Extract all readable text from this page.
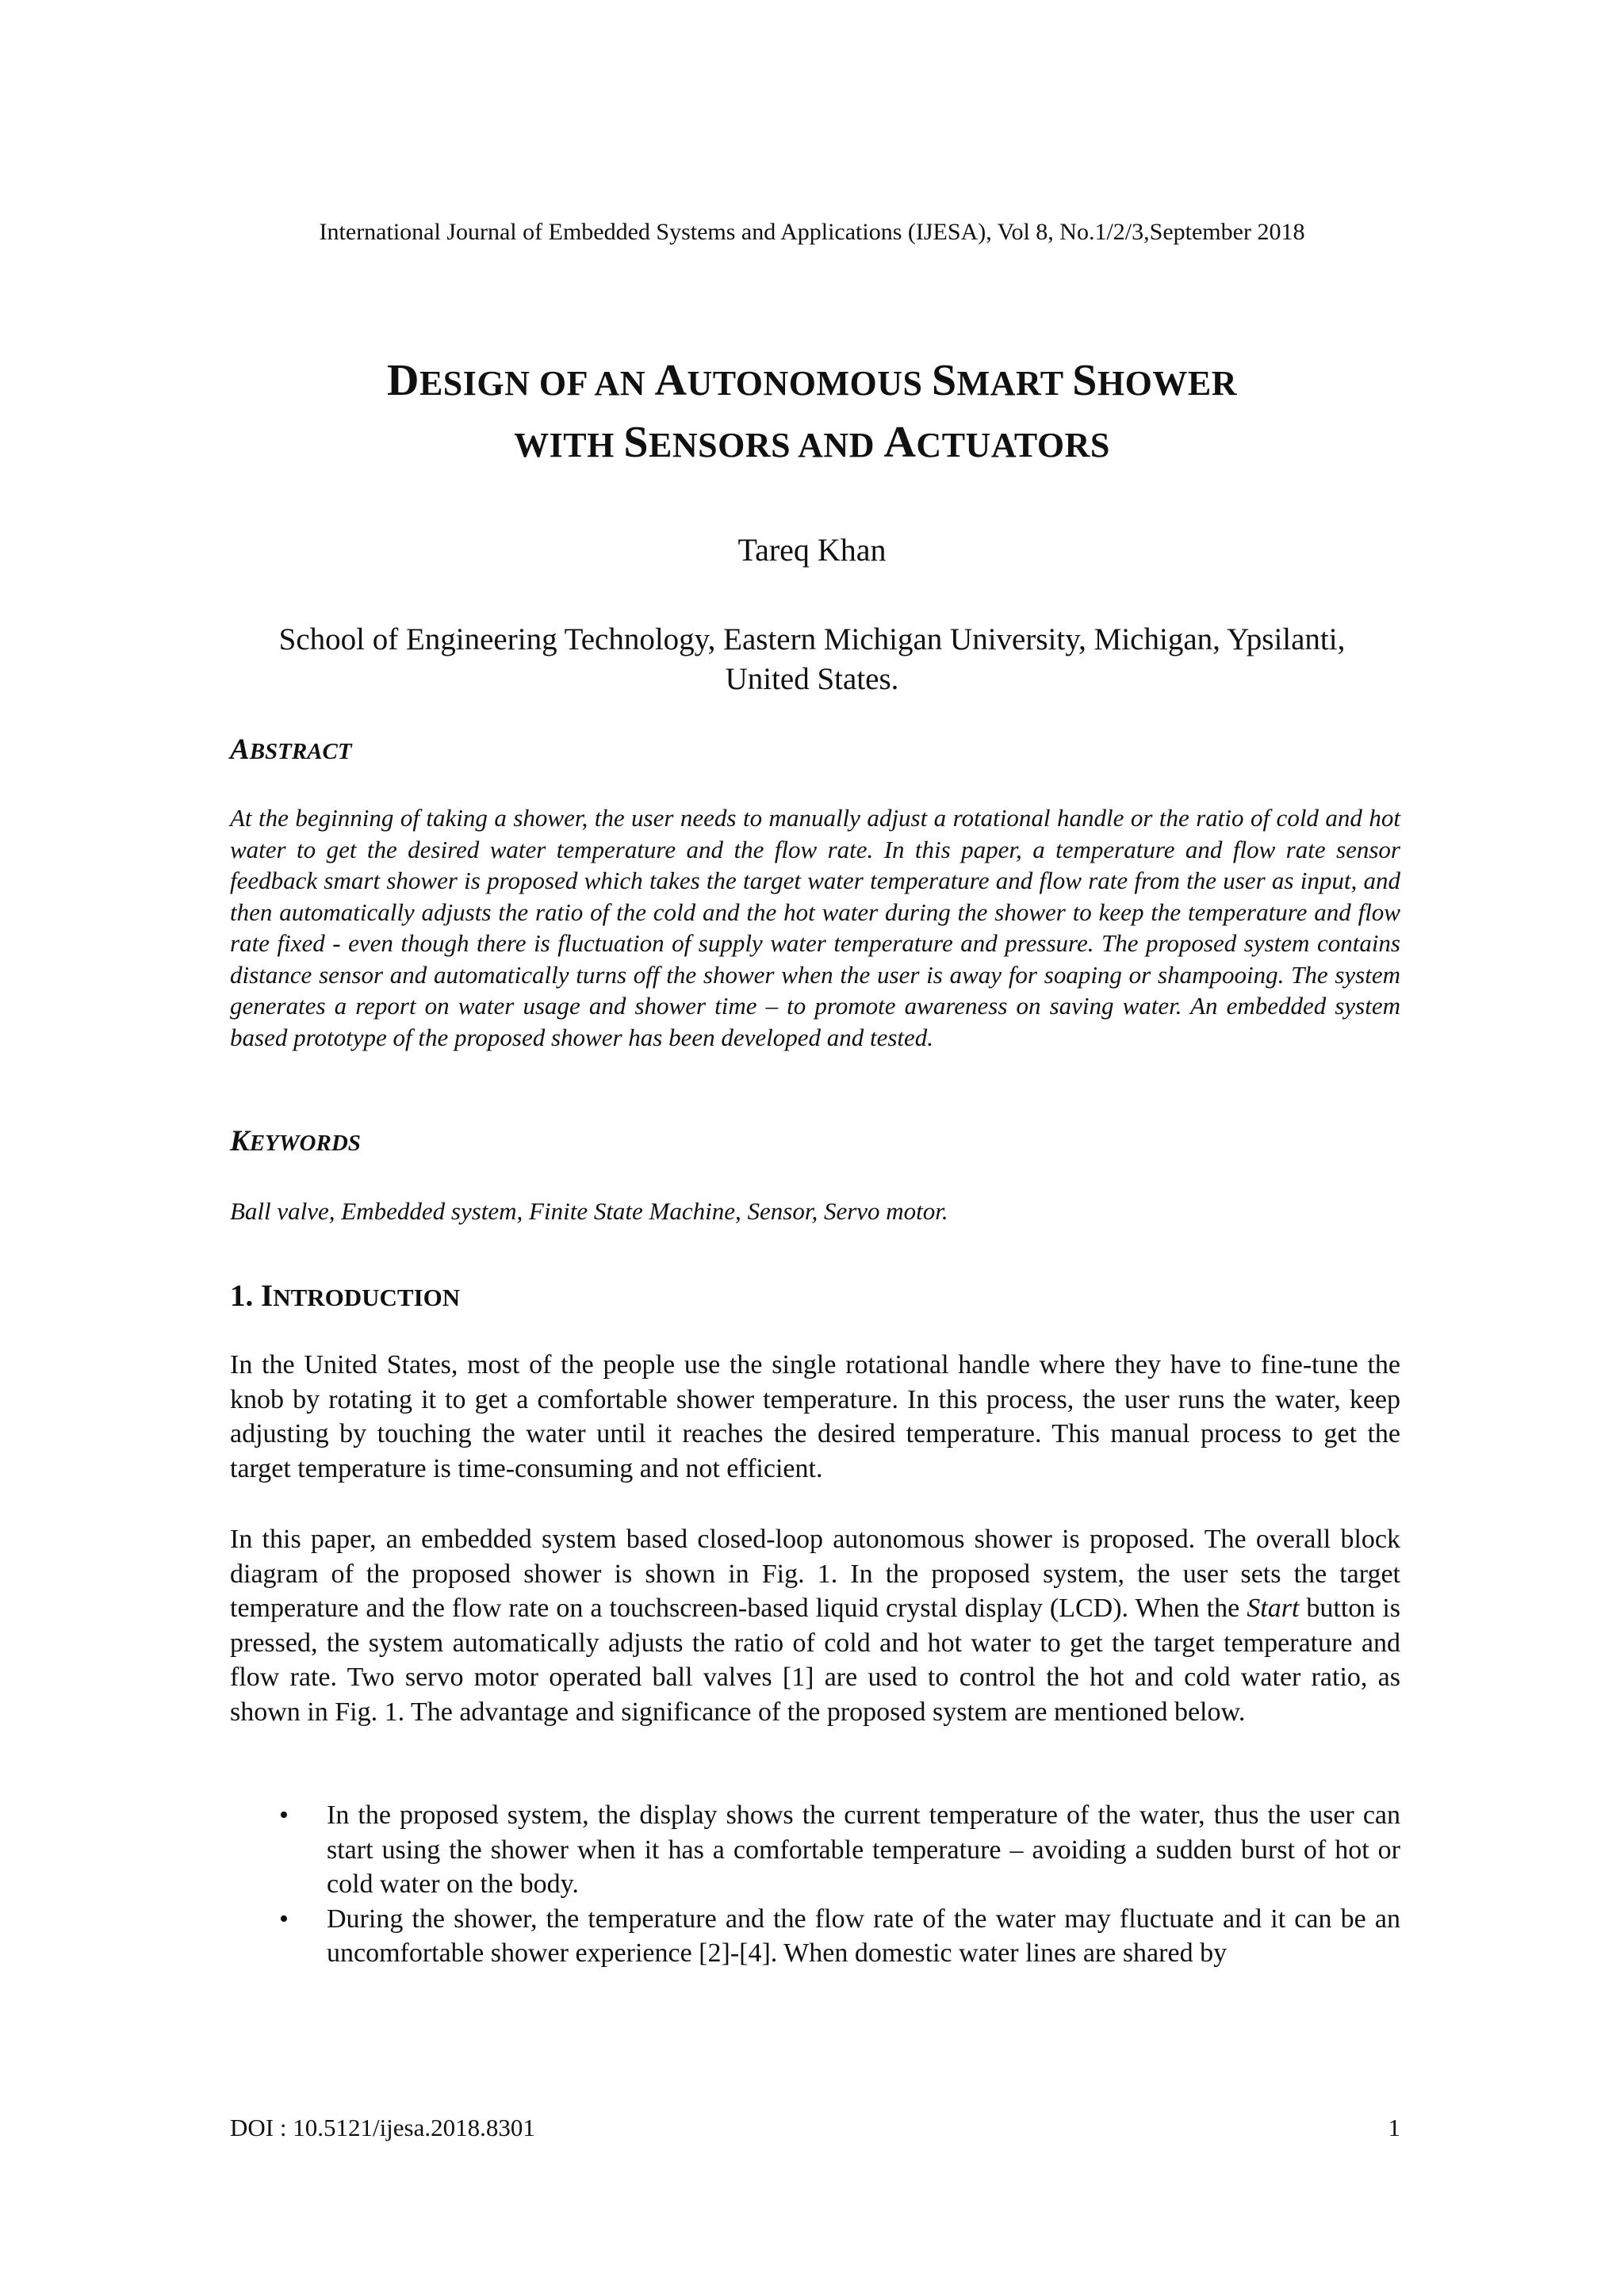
International Journal of Embedded Systems and Applications (IJESA), Vol 8, No.1/2/3,September 2018
DESIGN OF AN AUTONOMOUS SMART SHOWER
WITH SENSORS AND ACTUATORS
Tareq Khan
School of Engineering Technology, Eastern Michigan University, Michigan, Ypsilanti, United States.
ABSTRACT
At the beginning of taking a shower, the user needs to manually adjust a rotational handle or the ratio of cold and hot water to get the desired water temperature and the flow rate. In this paper, a temperature and flow rate sensor feedback smart shower is proposed which takes the target water temperature and flow rate from the user as input, and then automatically adjusts the ratio of the cold and the hot water during the shower to keep the temperature and flow rate fixed - even though there is fluctuation of supply water temperature and pressure. The proposed system contains distance sensor and automatically turns off the shower when the user is away for soaping or shampooing. The system generates a report on water usage and shower time – to promote awareness on saving water. An embedded system based prototype of the proposed shower has been developed and tested.
KEYWORDS
Ball valve, Embedded system, Finite State Machine, Sensor, Servo motor.
1. INTRODUCTION
In the United States, most of the people use the single rotational handle where they have to fine-tune the knob by rotating it to get a comfortable shower temperature. In this process, the user runs the water, keep adjusting by touching the water until it reaches the desired temperature. This manual process to get the target temperature is time-consuming and not efficient.
In this paper, an embedded system based closed-loop autonomous shower is proposed. The overall block diagram of the proposed shower is shown in Fig. 1. In the proposed system, the user sets the target temperature and the flow rate on a touchscreen-based liquid crystal display (LCD). When the Start button is pressed, the system automatically adjusts the ratio of cold and hot water to get the target temperature and flow rate. Two servo motor operated ball valves [1] are used to control the hot and cold water ratio, as shown in Fig. 1. The advantage and significance of the proposed system are mentioned below.
• In the proposed system, the display shows the current temperature of the water, thus the user can start using the shower when it has a comfortable temperature – avoiding a sudden burst of hot or cold water on the body.
• During the shower, the temperature and the flow rate of the water may fluctuate and it can be an uncomfortable shower experience [2]-[4]. When domestic water lines are shared by
DOI : 10.5121/ijesa.2018.8301	1
